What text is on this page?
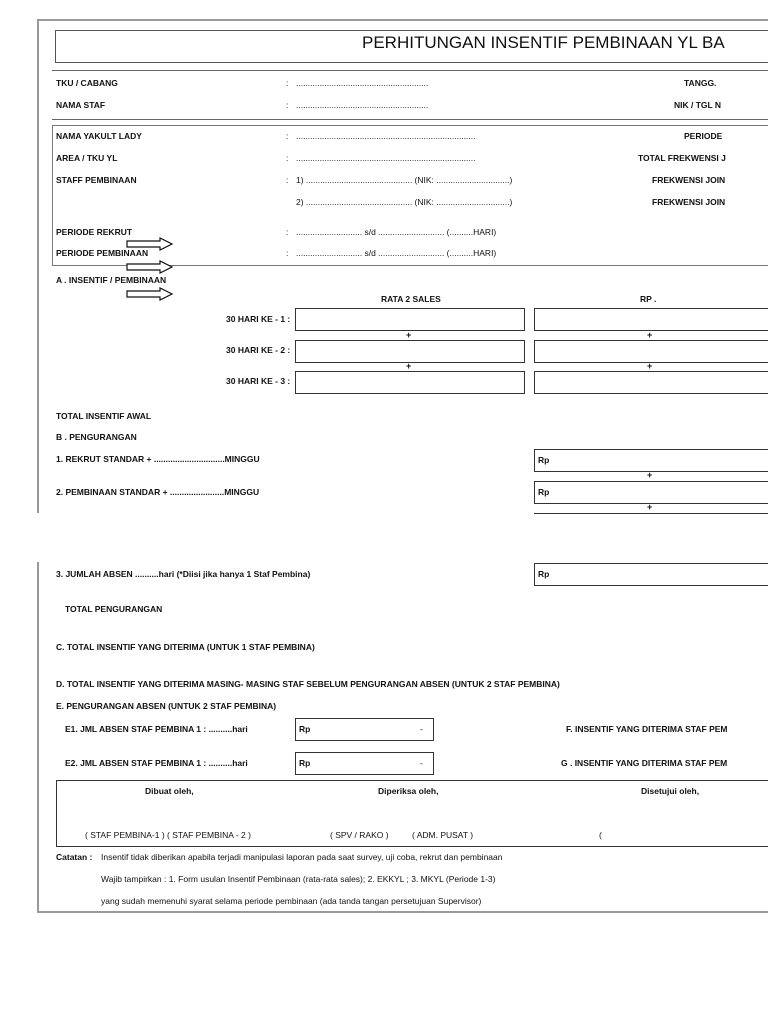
PERHITUNGAN INSENTIF PEMBINAAN YL BA
TKU / CABANG	: ........................................................	TANGG.
NAMA STAF	: ........................................................	NIK / TGL N
NAMA YAKULT LADY	: ............................................................................	PERIODE
AREA / TKU YL	: ............................................................................	TOTAL FREKWENSI J
STAFF PEMBINAAN	: 1) ............................................. (NIK: ...............................)	FREKWENSI JOIN
2) ............................................. (NIK: ...............................)	FREKWENSI JOIN
PERIODE REKRUT	: ............................ s/d ............................ (..........HARI)
PERIODE PEMBINAAN	: ............................ s/d ............................ (..........HARI)
A . INSENTIF / PEMBINAAN
RATA 2 SALES	RP .
30 HARI KE - 1 :
+	+
30 HARI KE - 2 :
+	+
30 HARI KE - 3 :
TOTAL INSENTIF AWAL
B . PENGURANGAN
1. REKRUT STANDAR + ..............................MINGGU	Rp
+
2. PEMBINAAN STANDAR + .......................MINGGU	Rp
+
3. JUMLAH ABSEN ..........hari (*Diisi jika hanya 1 Staf Pembina)	Rp
TOTAL PENGURANGAN
C. TOTAL INSENTIF YANG DITERIMA (UNTUK 1 STAF PEMBINA)
D. TOTAL INSENTIF YANG DITERIMA MASING- MASING STAF SEBELUM PENGURANGAN ABSEN (UNTUK 2 STAF PEMBINA)
E. PENGURANGAN ABSEN (UNTUK 2 STAF PEMBINA)
E1. JML ABSEN STAF PEMBINA 1 : ..........hari	Rp	-	F. INSENTIF YANG DITERIMA STAF PEM
E2. JML ABSEN STAF PEMBINA 1 : ..........hari	Rp	-	G . INSENTIF YANG DITERIMA STAF PEM
Dibuat oleh,	Diperiksa oleh,	Disetujui oleh,
( STAF PEMBINA-1 ) ( STAF PEMBINA - 2 )	( SPV / RAKO )	( ADM. PUSAT )	(
Catatan : Insentif tidak diberikan apabila terjadi manipulasi laporan pada saat survey, uji coba, rekrut dan pembinaan
Wajib tampirkan : 1. Form usulan Insentif Pembinaan (rata-rata sales); 2. EKKYL ; 3. MKYL (Periode 1-3)
yang sudah memenuhi syarat selama periode pembinaan (ada tanda tangan persetujuan Supervisor)
